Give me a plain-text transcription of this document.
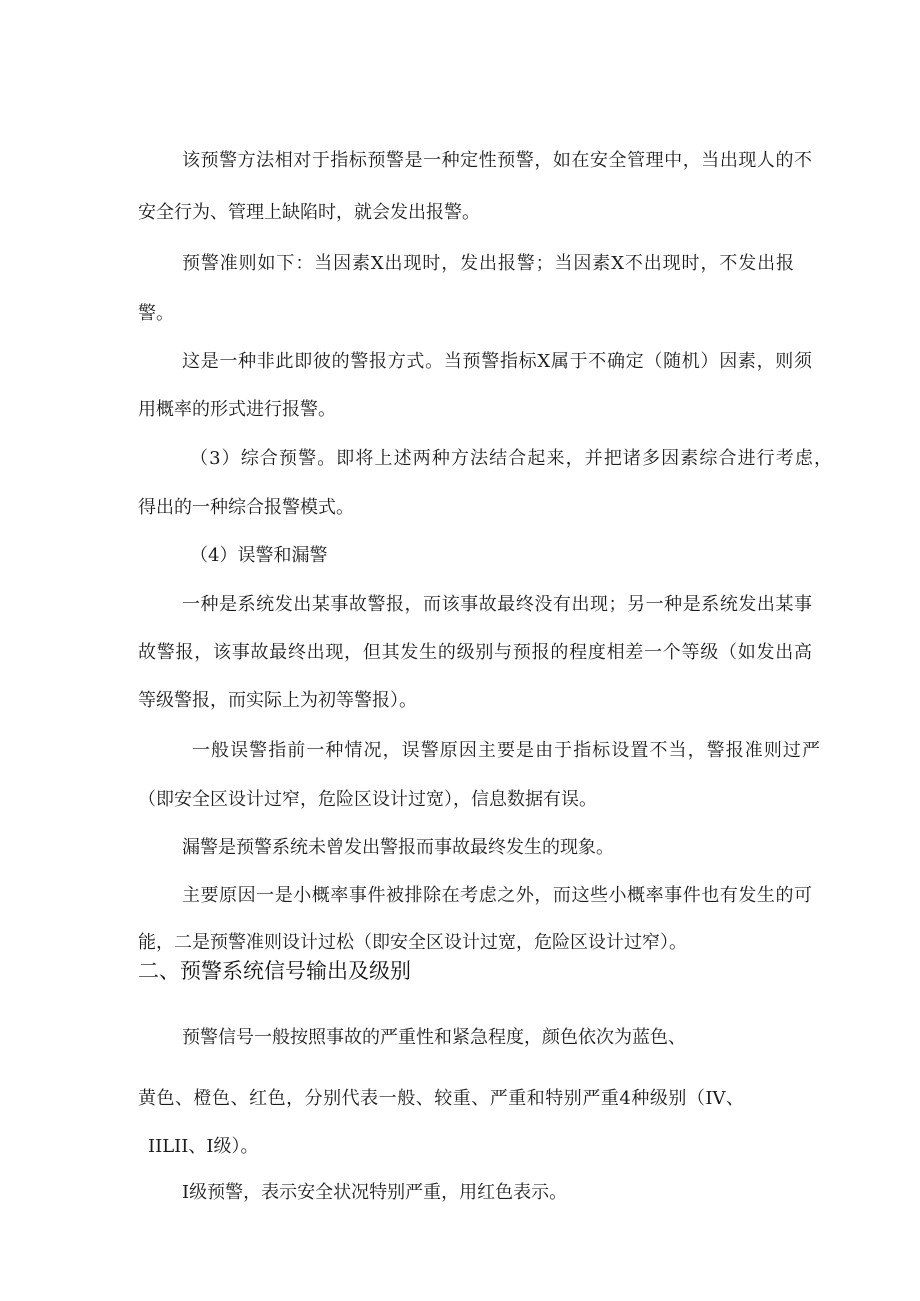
该预警方法相对于指标预警是一种定性预警，如在安全管理中，当出现人的不

安全行为、管理上缺陷时，就会发出报警。

预警准则如下：当因素X出现时，发出报警；当因素X不出现时，不发出报

警。

这是一种非此即彼的警报方式。当预警指标X属于不确定（随机）因素，则须

用概率的形式进行报警。

（3）综合预警。即将上述两种方法结合起来，并把诸多因素综合进行考虑，

得出的一种综合报警模式。

（4）误警和漏警

一种是系统发出某事故警报，而该事故最终没有出现；另一种是系统发出某事

故警报，该事故最终出现，但其发生的级别与预报的程度相差一个等级（如发出高

等级警报，而实际上为初等警报）。

一般误警指前一种情况，误警原因主要是由于指标设置不当，警报准则过严

（即安全区设计过窄，危险区设计过宽），信息数据有误。

漏警是预警系统未曾发出警报而事故最终发生的现象。

主要原因一是小概率事件被排除在考虑之外，而这些小概率事件也有发生的可

能，二是预警准则设计过松（即安全区设计过宽，危险区设计过窄）。

二、预警系统信号输出及级别

预警信号一般按照事故的严重性和紧急程度，颜色依次为蓝色、

黄色、橙色、红色，分别代表一般、较重、严重和特别严重4种级别（IV、

IILII、I级）。

I级预警，表示安全状况特别严重，用红色表示。
